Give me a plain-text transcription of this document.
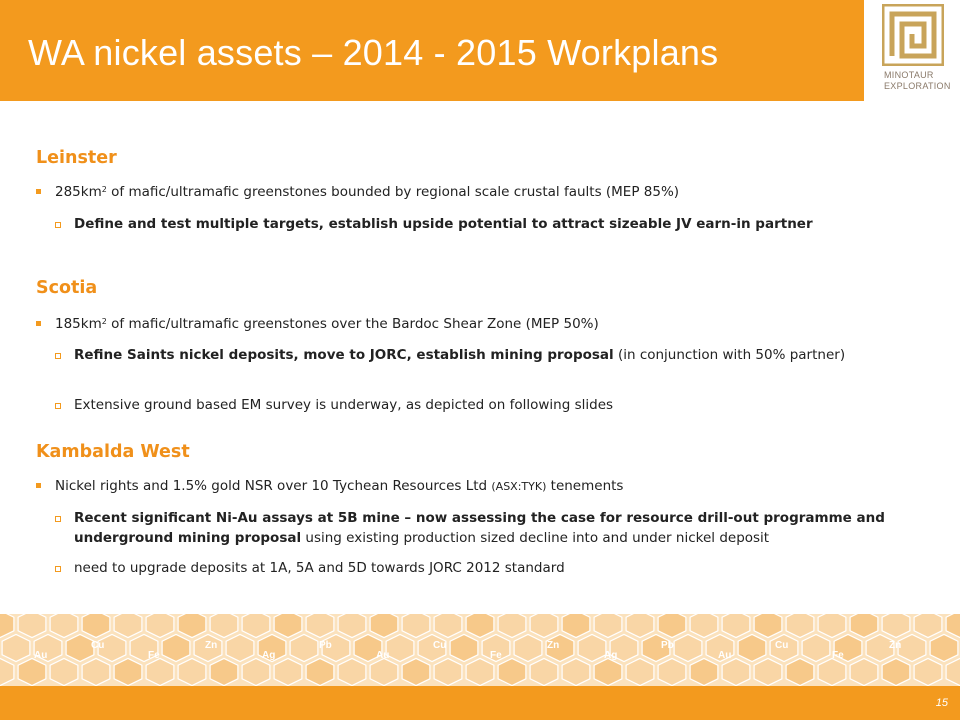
WA nickel assets – 2014 - 2015 Workplans
MINOTAUR
EXPLORATION
Leinster
$285km^2$ of mafic/ultramafic greenstones bounded by regional scale crustal faults (MEP 85%)
Define and test multiple targets, establish upside potential to attract sizeable JV earn-in partner
Scotia
$185km^2$ of mafic/ultramafic greenstones over the Bardoc Shear Zone (MEP 50%)
Refine Saints nickel deposits, move to JORC, establish mining proposal (in conjunction with 50% partner)
Extensive ground based EM survey is underway, as depicted on following slides
Kambalda West
Nickel rights and 1.5% gold NSR over 10 Tychean Resources Ltd (ASX:TYK) tenements
Recent significant Ni-Au assays at 5B mine – now assessing the case for resource drill-out programme and underground mining proposal using existing production sized decline into and under nickel deposit
need to upgrade deposits at 1A, 5A and 5D towards JORC 2012 standard
Au
Cu
Fe
Zn
Ag
Pb
Au
Cu
Fe
Zn
Ag
Pb
Au
Cu
Fe
Zn
15
